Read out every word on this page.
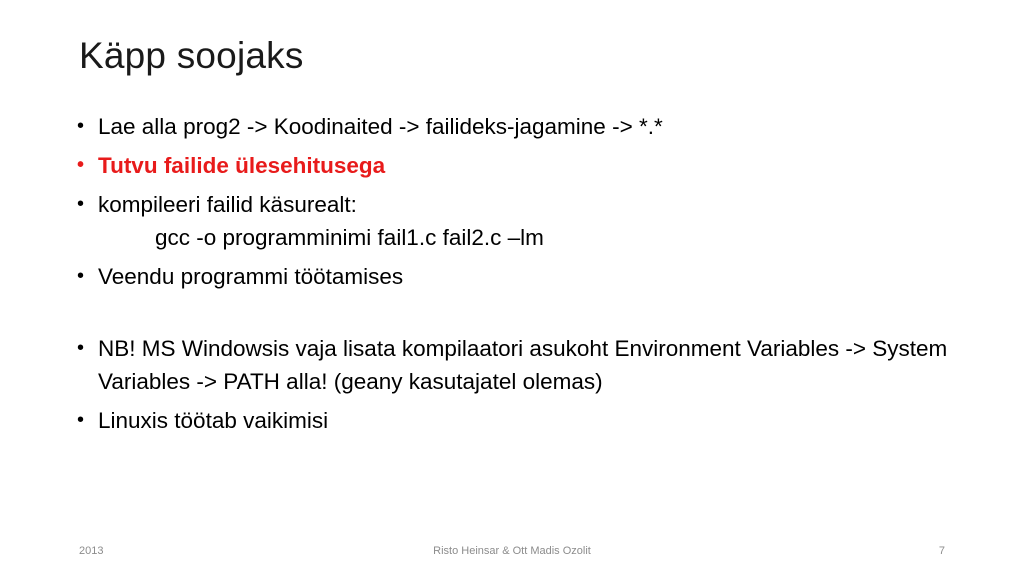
Käpp soojaks
• Lae alla prog2 -> Koodinaited -> failideks-jagamine -> *.*
• Tutvu failide ülesehitusega
• kompileeri failid käsurealt:
gcc -o programminimi fail1.c fail2.c –lm
• Veendu programmi töötamises
• NB! MS Windowsis vaja lisata kompilaatori asukoht Environment Variables -> System Variables -> PATH alla! (geany kasutajatel olemas)
• Linuxis töötab vaikimisi
2013	Risto Heinsar & Ott Madis Ozolit	7
